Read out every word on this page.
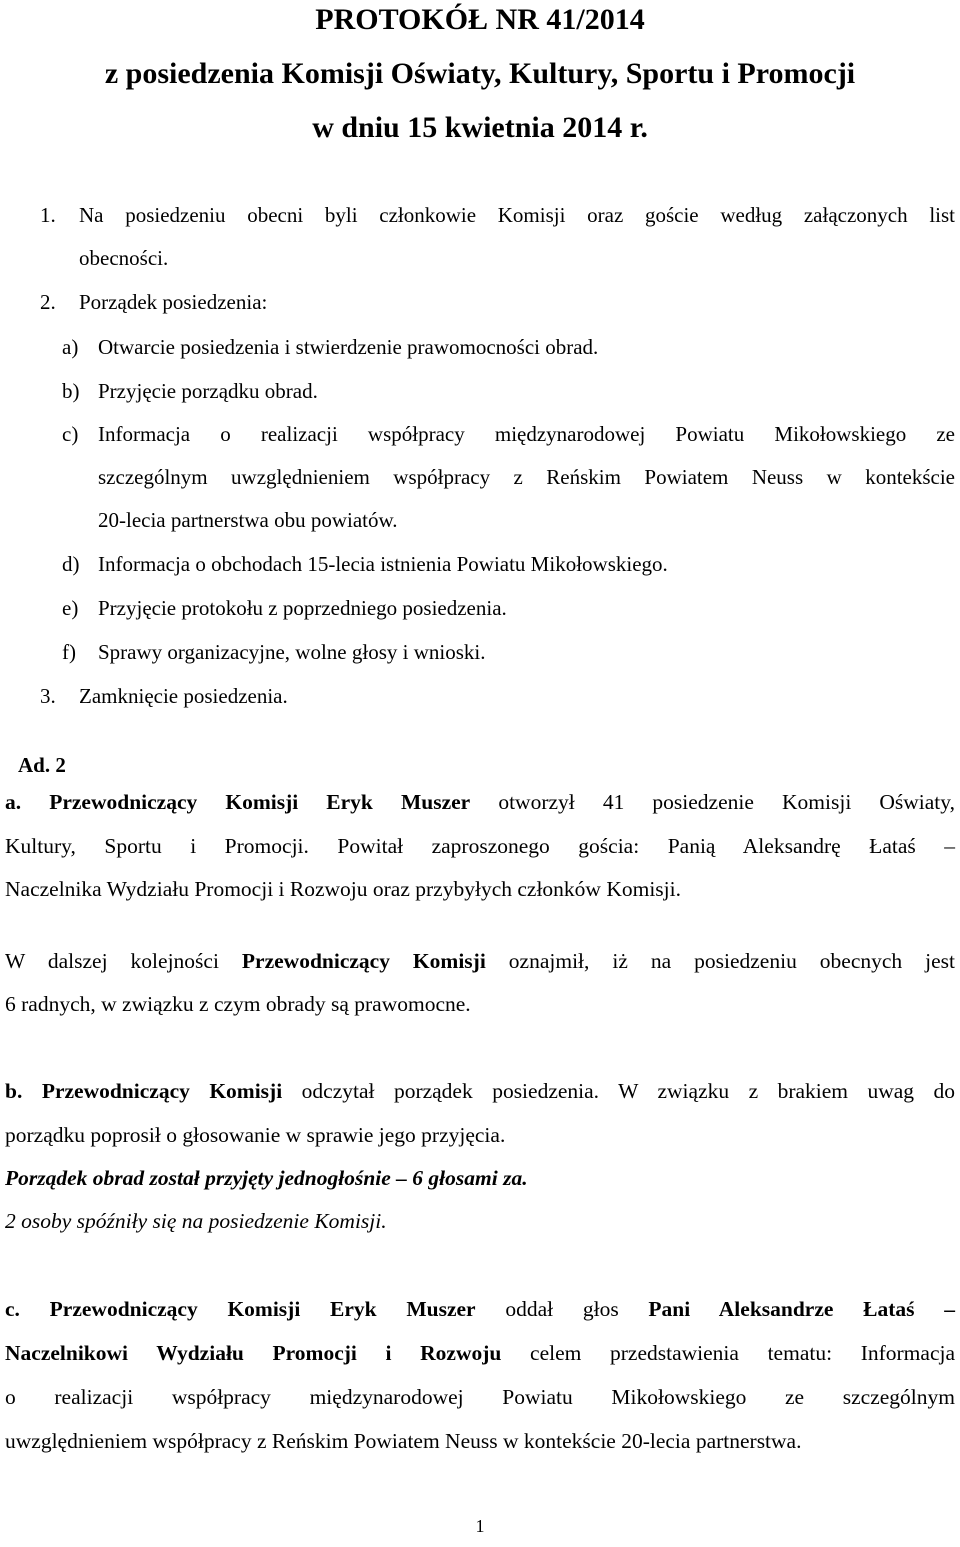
PROTOKÓŁ NR 41/2014
z posiedzenia Komisji Oświaty, Kultury, Sportu i Promocji
w dniu 15 kwietnia 2014 r.
1. Na posiedzeniu obecni byli członkowie Komisji oraz goście według załączonych list
obecności.
2. Porządek posiedzenia:
a) Otwarcie posiedzenia i stwierdzenie prawomocności obrad.
b) Przyjęcie porządku obrad.
c) Informacja o realizacji współpracy międzynarodowej Powiatu Mikołowskiego ze
szczególnym uwzględnieniem współpracy z Reńskim Powiatem Neuss w kontekście
20-lecia partnerstwa obu powiatów.
d) Informacja o obchodach 15-lecia istnienia Powiatu Mikołowskiego.
e) Przyjęcie protokołu z poprzedniego posiedzenia.
f) Sprawy organizacyjne, wolne głosy i wnioski.
3. Zamknięcie posiedzenia.
Ad. 2
a. Przewodniczący Komisji Eryk Muszer otworzył 41 posiedzenie Komisji Oświaty,
Kultury, Sportu i Promocji. Powitał zaproszonego gościa: Panią Aleksandrę Łataś –
Naczelnika Wydziału Promocji i Rozwoju oraz przybyłych członków Komisji.
W dalszej kolejności Przewodniczący Komisji oznajmił, iż na posiedzeniu obecnych jest
6 radnych, w związku z czym obrady są prawomocne.
b. Przewodniczący Komisji odczytał porządek posiedzenia. W związku z brakiem uwag do
porządku poprosił o głosowanie w sprawie jego przyjęcia.
Porządek obrad został przyjęty jednogłośnie – 6 głosami za.
2 osoby spóźniły się na posiedzenie Komisji.
c. Przewodniczący Komisji Eryk Muszer oddał głos Pani Aleksandrze Łataś –
Naczelnikowi Wydziału Promocji i Rozwoju celem przedstawienia tematu: Informacja
o realizacji współpracy międzynarodowej Powiatu Mikołowskiego ze szczególnym
uwzględnieniem współpracy z Reńskim Powiatem Neuss w kontekście 20-lecia partnerstwa.
1
